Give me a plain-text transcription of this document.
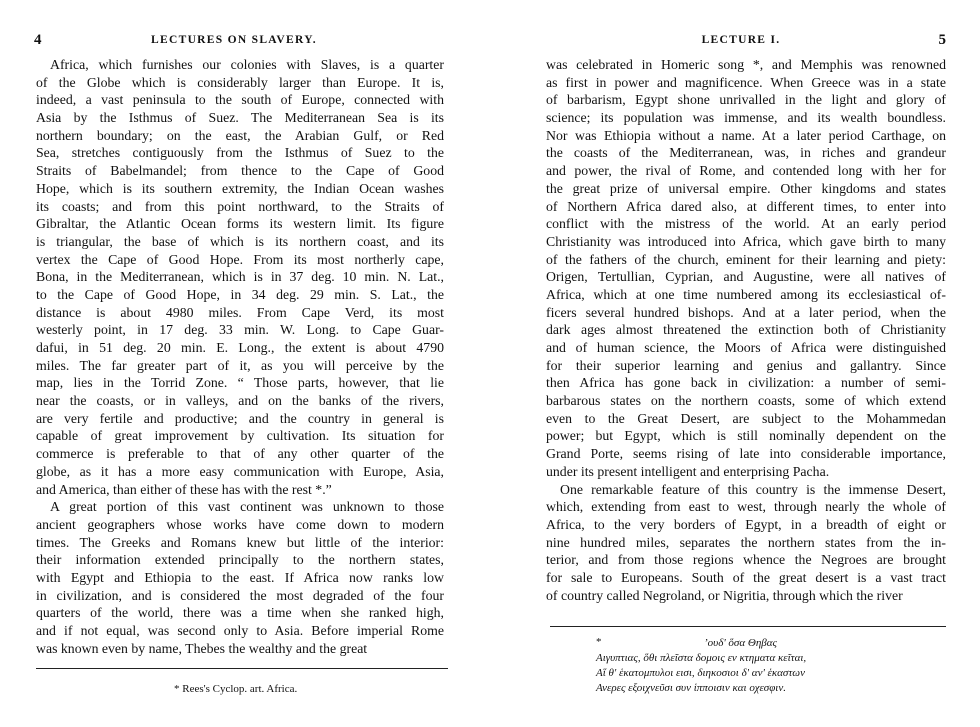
4	LECTURES ON SLAVERY.
Africa, which furnishes our colonies with Slaves, is a quarter
of the Globe which is considerably larger than Europe. It is,
indeed, a vast peninsula to the south of Europe, connected with
Asia by the Isthmus of Suez. The Mediterranean Sea is its
northern boundary; on the east, the Arabian Gulf, or Red
Sea, stretches contiguously from the Isthmus of Suez to the
Straits of Babelmandel; from thence to the Cape of Good
Hope, which is its southern extremity, the Indian Ocean washes
its coasts; and from this point northward, to the Straits of
Gibraltar, the Atlantic Ocean forms its western limit. Its figure
is triangular, the base of which is its northern coast, and its
vertex the Cape of Good Hope. From its most northerly cape,
Bona, in the Mediterranean, which is in 37 deg. 10 min. N. Lat.,
to the Cape of Good Hope, in 34 deg. 29 min. S. Lat., the
distance is about 4980 miles. From Cape Verd, its most
westerly point, in 17 deg. 33 min. W. Long. to Cape Guar-
dafui, in 51 deg. 20 min. E. Long., the extent is about 4790
miles. The far greater part of it, as you will perceive by the
map, lies in the Torrid Zone. “ Those parts, however, that lie
near the coasts, or in valleys, and on the banks of the rivers,
are very fertile and productive; and the country in general is
capable of great improvement by cultivation. Its situation for
commerce is preferable to that of any other quarter of the
globe, as it has a more easy communication with Europe, Asia,
and America, than either of these has with the rest *.”
A great portion of this vast continent was unknown to those
ancient geographers whose works have come down to modern
times. The Greeks and Romans knew but little of the interior:
their information extended principally to the northern states,
with Egypt and Ethiopia to the east. If Africa now ranks low
in civilization, and is considered the most degraded of the four
quarters of the world, there was a time when she ranked high,
and if not equal, was second only to Asia. Before imperial Rome
was known even by name, Thebes the wealthy and the great
* Rees's Cyclop. art. Africa.
LECTURE I.	5
was celebrated in Homeric song *, and Memphis was renowned
as first in power and magnificence. When Greece was in a state
of barbarism, Egypt shone unrivalled in the light and glory of
science; its population was immense, and its wealth boundless.
Nor was Ethiopia without a name. At a later period Carthage, on
the coasts of the Mediterranean, was, in riches and grandeur
and power, the rival of Rome, and contended long with her for
the great prize of universal empire. Other kingdoms and states
of Northern Africa dared also, at different times, to enter into
conflict with the mistress of the world. At an early period
Christianity was introduced into Africa, which gave birth to many
of the fathers of the church, eminent for their learning and piety:
Origen, Tertullian, Cyprian, and Augustine, were all natives of
Africa, which at one time numbered among its ecclesiastical of-
ficers several hundred bishops. And at a later period, when the
dark ages almost threatened the extinction both of Christianity
and of human science, the Moors of Africa were distinguished
for their superior learning and genius and gallantry. Since
then Africa has gone back in civilization: a number of semi-
barbarous states on the northern coasts, some of which extend
even to the Great Desert, are subject to the Mohammedan
power; but Egypt, which is still nominally dependent on the
Grand Porte, seems rising of late into considerable importance,
under its present intelligent and enterprising Pacha.
One remarkable feature of this country is the immense Desert,
which, extending from east to west, through nearly the whole of
Africa, to the very borders of Egypt, in a breadth of eight or
nine hundred miles, separates the northern states from the in-
terior, and from those regions whence the Negroes are brought
for sale to Europeans. South of the great desert is a vast tract
of country called Negroland, or Nigritia, through which the river
*	ʼουδ' ὅσα Θηβας
Αιγυπτιας, ὅθι πλεῖστα δομοις εν κτηματα κεῖται,
Αἵ θ' ἑκατομπυλοι εισι, διηκοσιοι δ' αν' ἑκαστων
Ανερες εξοιχνεῦσι συν ἱπποισιν και οχεσφιν.
